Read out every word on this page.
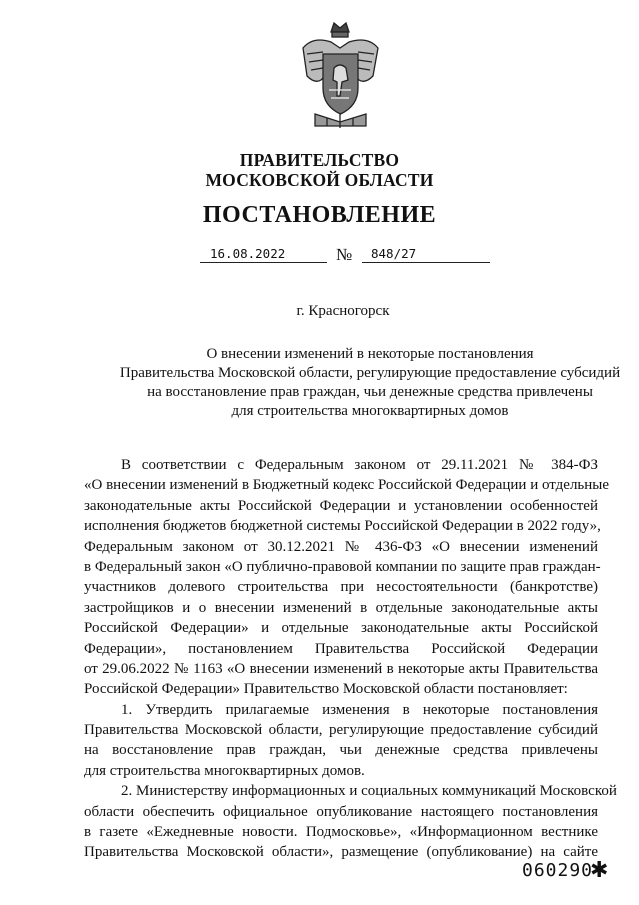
ПРАВИТЕЛЬСТВО
МОСКОВСКОЙ ОБЛАСТИ
ПОСТАНОВЛЕНИЕ
16.08.2022	№ 848/27
г. Красногорск
О внесении изменений в некоторые постановления
Правительства Московской области, регулирующие предоставление субсидий
на восстановление прав граждан, чьи денежные средства привлечены
для строительства многоквартирных домов
В соответствии с Федеральным законом от 29.11.2021 № 384-ФЗ
«О внесении изменений в Бюджетный кодекс Российской Федерации и отдельные
законодательные акты Российской Федерации и установлении особенностей
исполнения бюджетов бюджетной системы Российской Федерации в 2022 году»,
Федеральным законом от 30.12.2021 № 436-ФЗ «О внесении изменений
в Федеральный закон «О публично-правовой компании по защите прав граждан-
участников долевого строительства при несостоятельности (банкротстве)
застройщиков и о внесении изменений в отдельные законодательные акты
Российской Федерации» и отдельные законодательные акты Российской
Федерации», постановлением Правительства Российской Федерации
от 29.06.2022 № 1163 «О внесении изменений в некоторые акты Правительства
Российской Федерации» Правительство Московской области постановляет:
1. Утвердить прилагаемые изменения в некоторые постановления
Правительства Московской области, регулирующие предоставление субсидий
на восстановление прав граждан, чьи денежные средства привлечены
для строительства многоквартирных домов.
2. Министерству информационных и социальных коммуникаций Московской
области обеспечить официальное опубликование настоящего постановления
в газете «Ежедневные новости. Подмосковье», «Информационном вестнике
Правительства Московской области», размещение (опубликование) на сайте
060290
✱
